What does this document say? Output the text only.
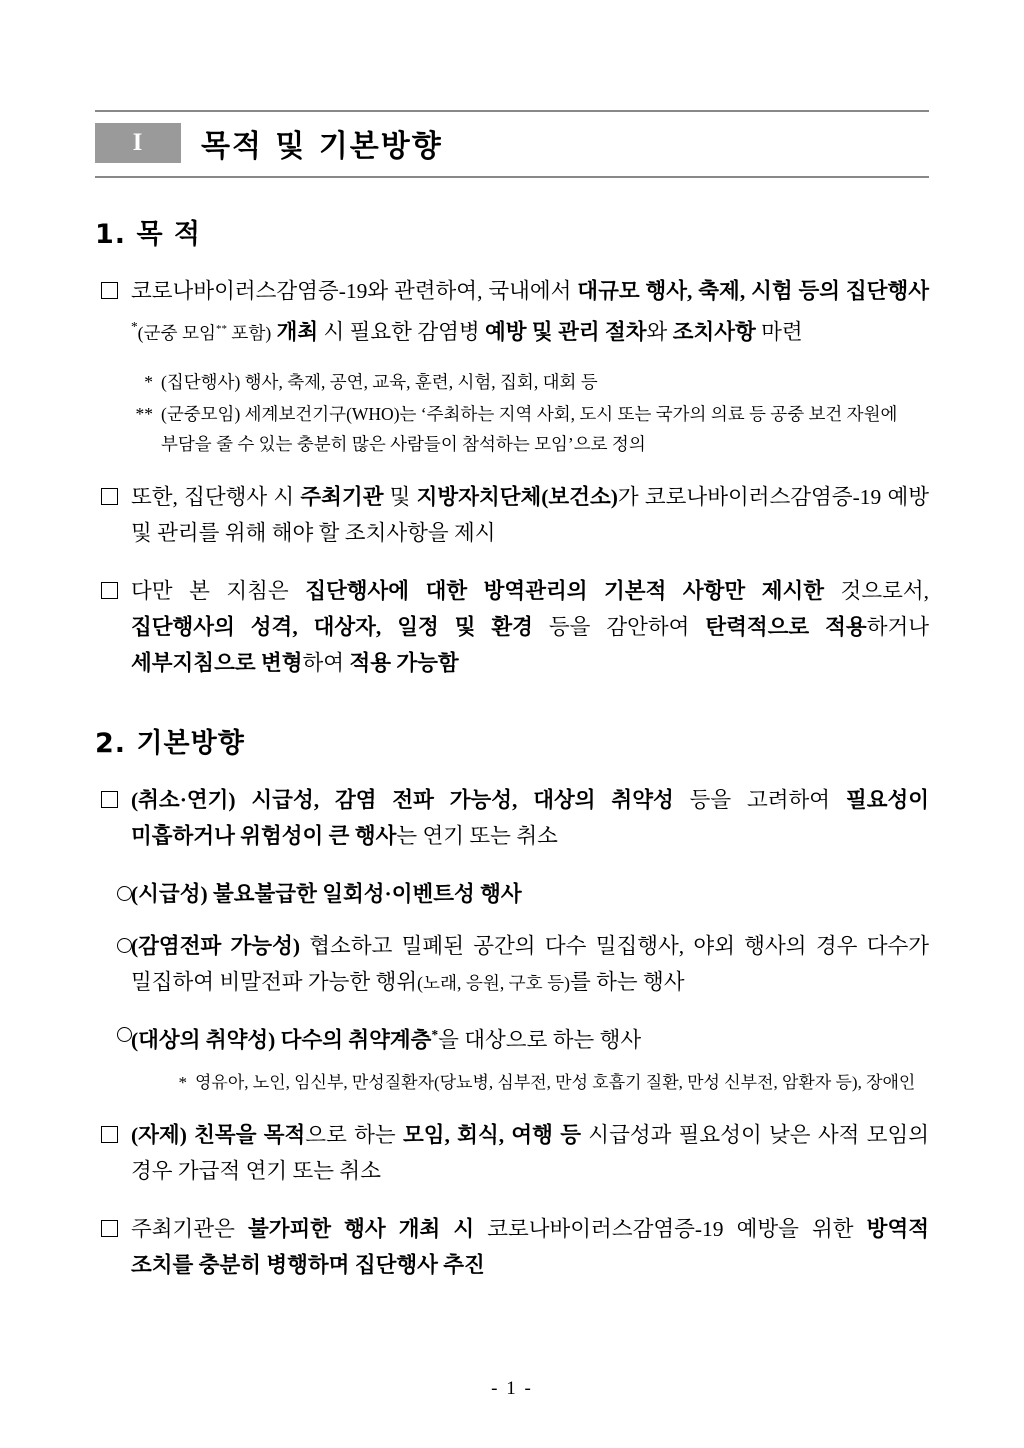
I	목적 및 기본방향
1. 목 적
코로나바이러스감염증-19와 관련하여, 국내에서 대규모 행사, 축제, 시험 등의 집단행사*(군중 모임** 포함) 개최 시 필요한 감염병 예방 및 관리 절차와 조치사항 마련
* (집단행사) 행사, 축제, 공연, 교육, 훈련, 시험, 집회, 대회 등
** (군중모임) 세계보건기구(WHO)는 ‘주최하는 지역 사회, 도시 또는 국가의 의료 등 공중 보건 자원에 부담을 줄 수 있는 충분히 많은 사람들이 참석하는 모임’으로 정의
또한, 집단행사 시 주최기관 및 지방자치단체(보건소)가 코로나바이러스감염증-19 예방 및 관리를 위해 해야 할 조치사항을 제시
다만 본 지침은 집단행사에 대한 방역관리의 기본적 사항만 제시한 것으로서, 집단행사의 성격, 대상자, 일정 및 환경 등을 감안하여 탄력적으로 적용하거나 세부지침으로 변형하여 적용 가능함
2. 기본방향
(취소·연기) 시급성, 감염 전파 가능성, 대상의 취약성 등을 고려하여 필요성이 미흡하거나 위험성이 큰 행사는 연기 또는 취소
(시급성) 불요불급한 일회성·이벤트성 행사
(감염전파 가능성) 협소하고 밀폐된 공간의 다수 밀집행사, 야외 행사의 경우 다수가 밀집하여 비말전파 가능한 행위(노래, 응원, 구호 등)를 하는 행사
(대상의 취약성) 다수의 취약계층*을 대상으로 하는 행사
* 영유아, 노인, 임신부, 만성질환자(당뇨병, 심부전, 만성 호흡기 질환, 만성 신부전, 암환자 등), 장애인
(자제) 친목을 목적으로 하는 모임, 회식, 여행 등 시급성과 필요성이 낮은 사적 모임의 경우 가급적 연기 또는 취소
주최기관은 불가피한 행사 개최 시 코로나바이러스감염증-19 예방을 위한 방역적 조치를 충분히 병행하며 집단행사 추진
- 1 -
